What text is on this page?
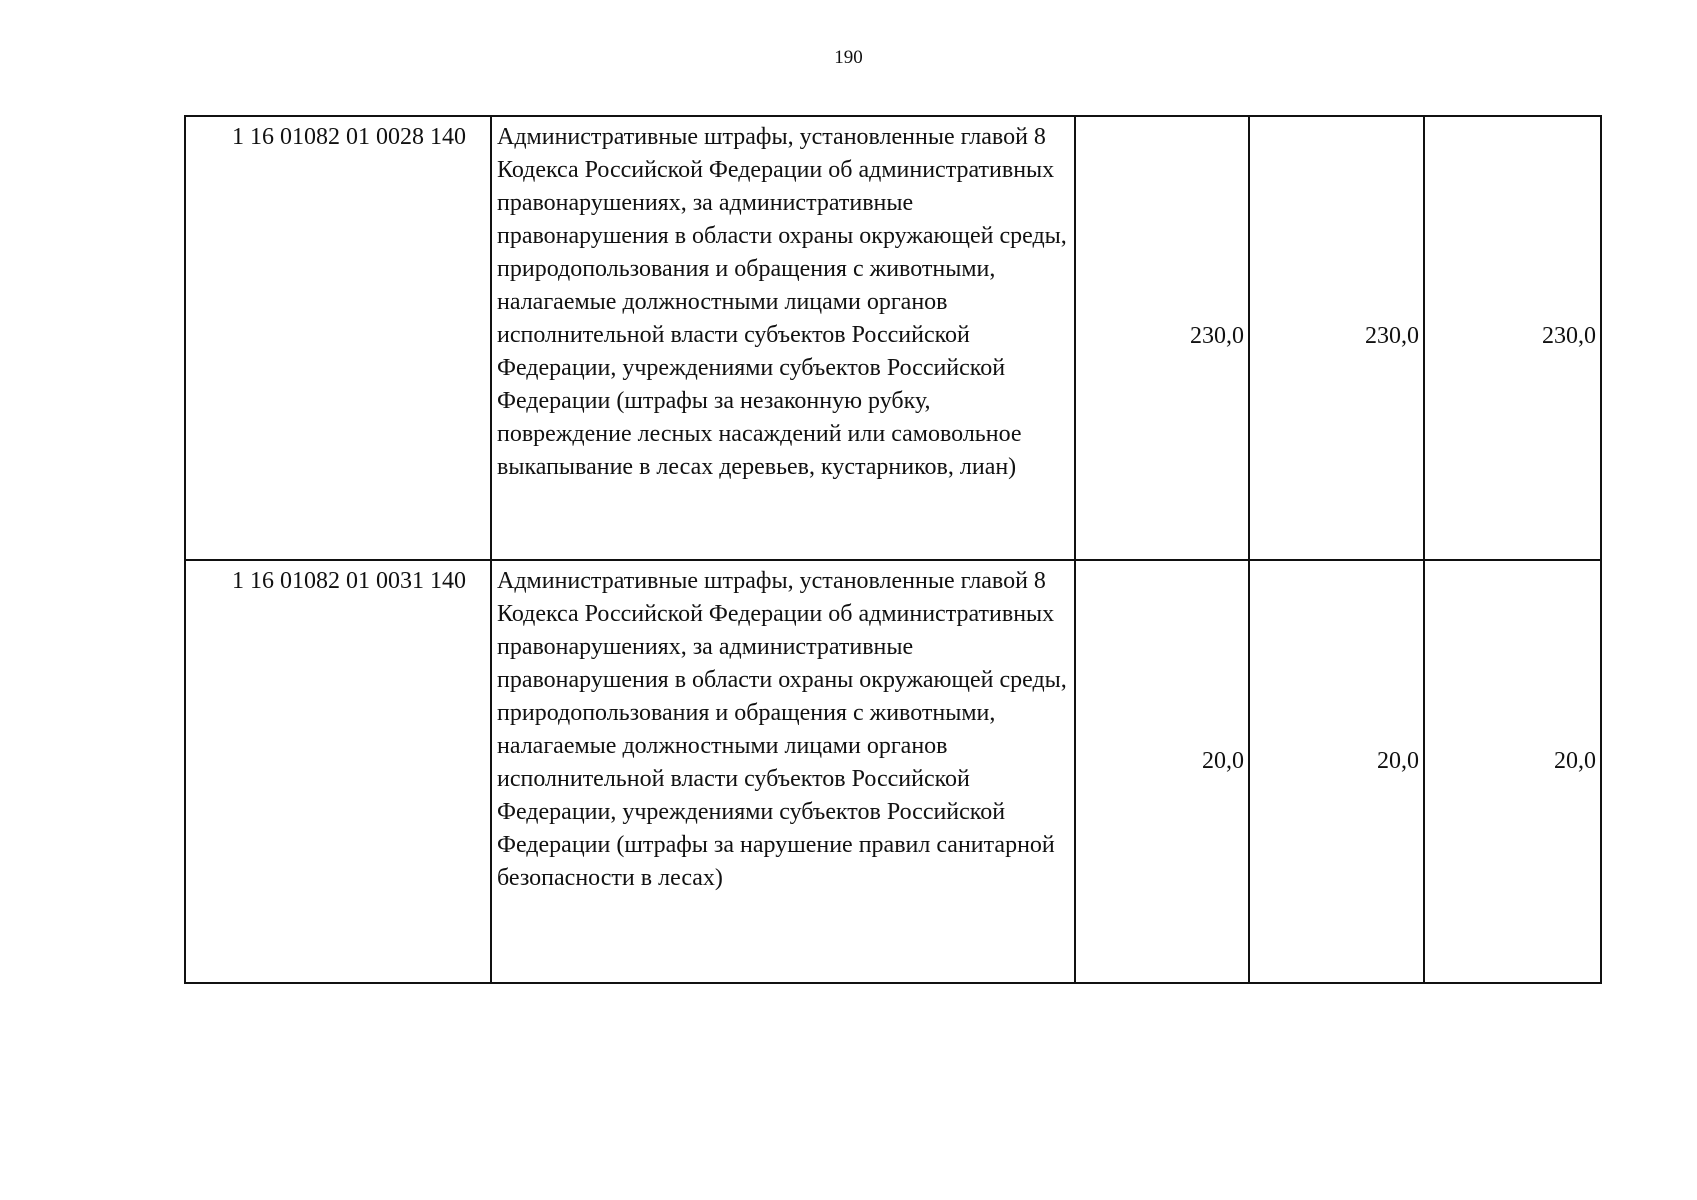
190
1 16 01082 01 0028 140	Административные штрафы, установленные главой 8 Кодекса Российской Федерации об административных правонарушениях, за административные правонарушения в области охраны окружающей среды, природопользования и обращения с животными, налагаемые должностными лицами органов исполнительной власти субъектов Российской Федерации, учреждениями субъектов Российской Федерации (штрафы за незаконную рубку, повреждение лесных насаждений или самовольное выкапывание в лесах деревьев, кустарников, лиан)	230,0	230,0	230,0
1 16 01082 01 0031 140	Административные штрафы, установленные главой 8 Кодекса Российской Федерации об административных правонарушениях, за административные правонарушения в области охраны окружающей среды, природопользования и обращения с животными, налагаемые должностными лицами органов исполнительной власти субъектов Российской Федерации, учреждениями субъектов Российской Федерации (штрафы за нарушение правил санитарной безопасности в лесах)	20,0	20,0	20,0
